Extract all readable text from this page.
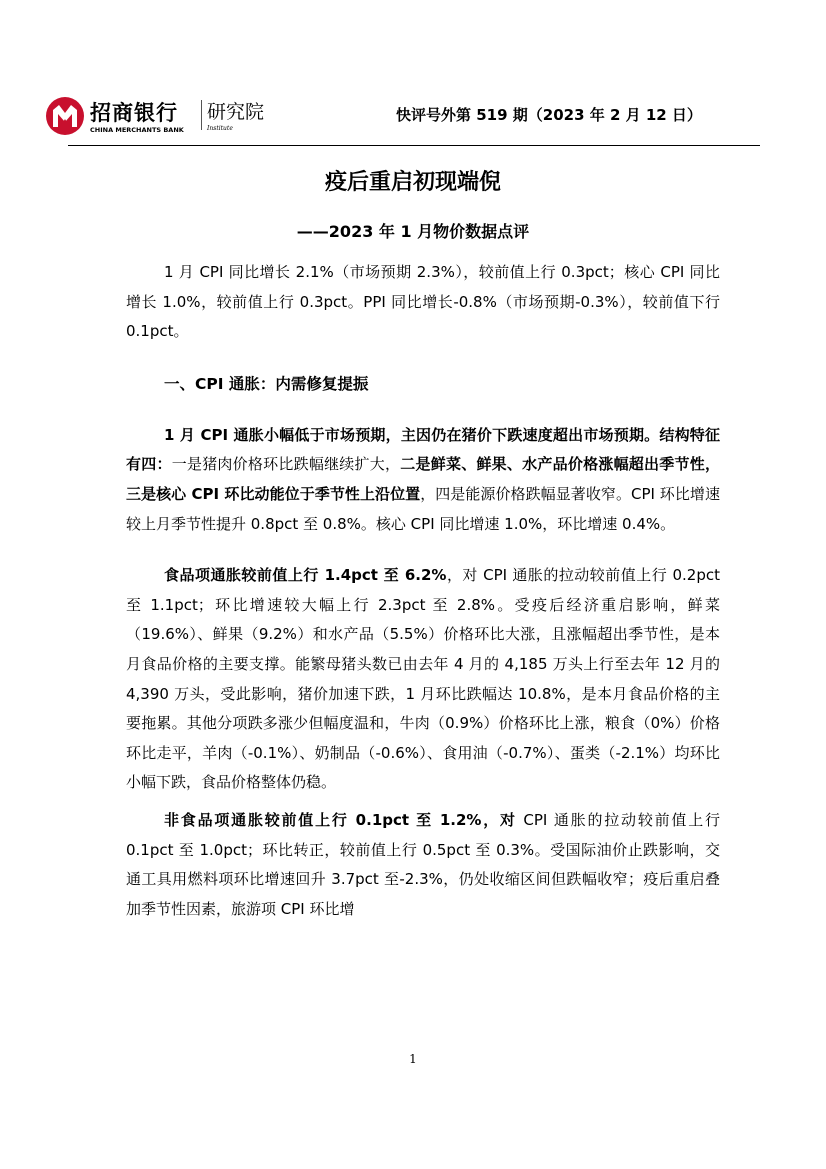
招商银行
CHINA MERCHANTS BANK
研究院
Institute
快评号外第 519 期（2023 年 2 月 12 日）
疫后重启初现端倪
——2023 年 1 月物价数据点评

1 月 CPI 同比增长 2.1%（市场预期 2.3%），较前值上行 0.3pct；核心 CPI 同比增长 1.0%，较前值上行 0.3pct。PPI 同比增长-0.8%（市场预期-0.3%），较前值下行 0.1pct。

一、CPI 通胀：内需修复提振

1 月 CPI 通胀小幅低于市场预期，主因仍在猪价下跌速度超出市场预期。结构特征有四：一是猪肉价格环比跌幅继续扩大，二是鲜菜、鲜果、水产品价格涨幅超出季节性，三是核心 CPI 环比动能位于季节性上沿位置，四是能源价格跌幅显著收窄。CPI 环比增速较上月季节性提升 0.8pct 至 0.8%。核心 CPI 同比增速 1.0%，环比增速 0.4%。

食品项通胀较前值上行 1.4pct 至 6.2%，对 CPI 通胀的拉动较前值上行 0.2pct 至 1.1pct；环比增速较大幅上行 2.3pct 至 2.8%。受疫后经济重启影响，鲜菜（19.6%）、鲜果（9.2%）和水产品（5.5%）价格环比大涨，且涨幅超出季节性，是本月食品价格的主要支撑。能繁母猪头数已由去年 4 月的 4,185 万头上行至去年 12 月的 4,390 万头，受此影响，猪价加速下跌，1 月环比跌幅达 10.8%，是本月食品价格的主要拖累。其他分项跌多涨少但幅度温和，牛肉（0.9%）价格环比上涨，粮食（0%）价格环比走平，羊肉（-0.1%）、奶制品（-0.6%）、食用油（-0.7%）、蛋类（-2.1%）均环比小幅下跌，食品价格整体仍稳。

非食品项通胀较前值上行 0.1pct 至 1.2%，对 CPI 通胀的拉动较前值上行 0.1pct 至 1.0pct；环比转正，较前值上行 0.5pct 至 0.3%。受国际油价止跌影响，交通工具用燃料项环比增速回升 3.7pct 至-2.3%，仍处收缩区间但跌幅收窄；疫后重启叠加季节性因素，旅游项 CPI 环比增

1
